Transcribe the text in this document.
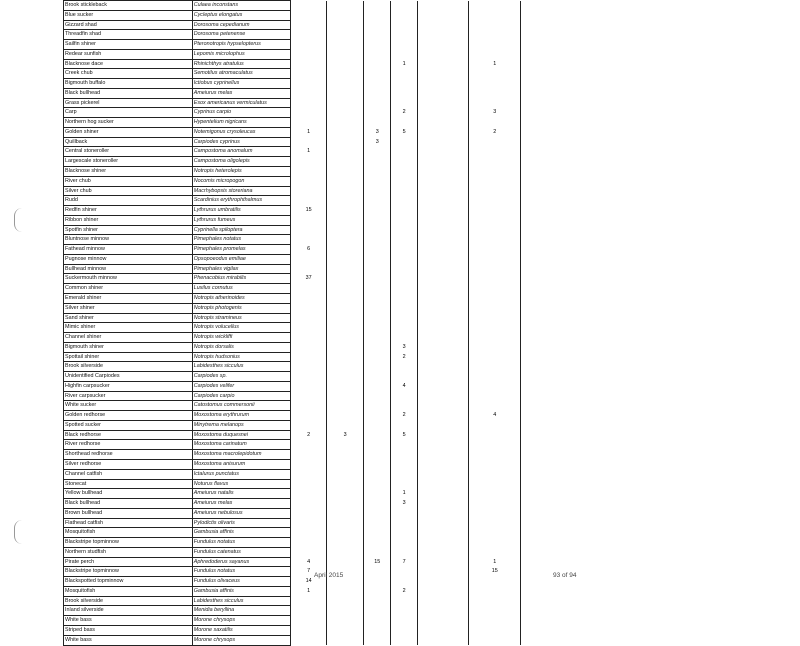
Brook stickleback	Culaea inconstans						
Blue sucker	Cycleptus elongatus						
Gizzard shad	Dorosoma cepedianum						
Threadfin shad	Dorosoma petenense						
Sailfin shiner	Pteronotropis hypselopterus						
Redear sunfish	Lepomis microlophus						
Blacknose dace	Rhinichthys atratulus				1		1
Creek chub	Semotilus atromaculatus						
Bigmouth buffalo	Ictiobus cyprinellus						
Black bullhead	Ameiurus melas						
Grass pickerel	Esox americanus vermiculatus						
Carp	Cyprinus carpio				2		3
Northern hog sucker	Hypentelium nigricans						
Golden shiner	Notemigonus crysoleucas	1		3	5		2
Quillback	Carpiodes cyprinus			3			
Central stoneroller	Campostoma anomalum	1					
Largescale stoneroller	Campostoma oligolepis						
Blacknose shiner	Notropis heterolepis						
River chub	Nocomis micropogon						
Silver chub	Macrhybopsis storeriana						
Rudd	Scardinius erythrophthalmus						
Redfin shiner	Lythrurus umbratilis	15					
Ribbon shiner	Lythrurus fumeus						
Spotfin shiner	Cyprinella spiloptera						
Bluntnose minnow	Pimephales notatus						
Fathead minnow	Pimephales promelas	6					
Pugnose minnow	Opsopoeodus emiliae						
Bullhead minnow	Pimephales vigilax						
Suckermouth minnow	Phenacobius mirabilis	37					
Common shiner	Luxilus cornutus						
Emerald shiner	Notropis atherinoides						
Silver shiner	Notropis photogenis						
Sand shiner	Notropis stramineus						
Mimic shiner	Notropis volucellus						
Channel shiner	Notropis wickliffi						
Bigmouth shiner	Notropis dorsalis				3		
Spottail shiner	Notropis hudsonius				2		
Brook silverside	Labidesthes sicculus						
Unidentified Carpiodes	Carpiodes sp.						
Highfin carpsucker	Carpiodes velifer				4		
River carpsucker	Carpiodes carpio						
White sucker	Catostomus commersonii						
Golden redhorse	Moxostoma erythrurum				2		4
Spotted sucker	Minytrema melanops						
Black redhorse	Moxostoma duquesnei	2	3		5		
River redhorse	Moxostoma carinatum						
Shorthead redhorse	Moxostoma macrolepidotum						
Silver redhorse	Moxostoma anisurum						
Channel catfish	Ictalurus punctatus						
Stonecat	Noturus flavus						
Yellow bullhead	Ameiurus natalis				1		
Black bullhead	Ameiurus melas				3		
Brown bullhead	Ameiurus nebulosus						
Flathead catfish	Pylodictis olivaris						
Mosquitofish	Gambusia affinis						
Blackstripe topminnow	Fundulus notatus						
Northern studfish	Fundulus catenatus						
Pirate perch	Aphredoderus sayanus	4		15	7		1
Blackstripe topminnow	Fundulus notatus	7					15
Blackspotted topminnow	Fundulus olivaceus	14					
Mosquitofish	Gambusia affinis	1			2		
Brook silverside	Labidesthes sicculus						
Inland silverside	Menidia beryllina						
White bass	Morone chrysops						
Striped bass	Morone saxatilis						
White bass	Morone chrysops						
April 2015	93 of 94
